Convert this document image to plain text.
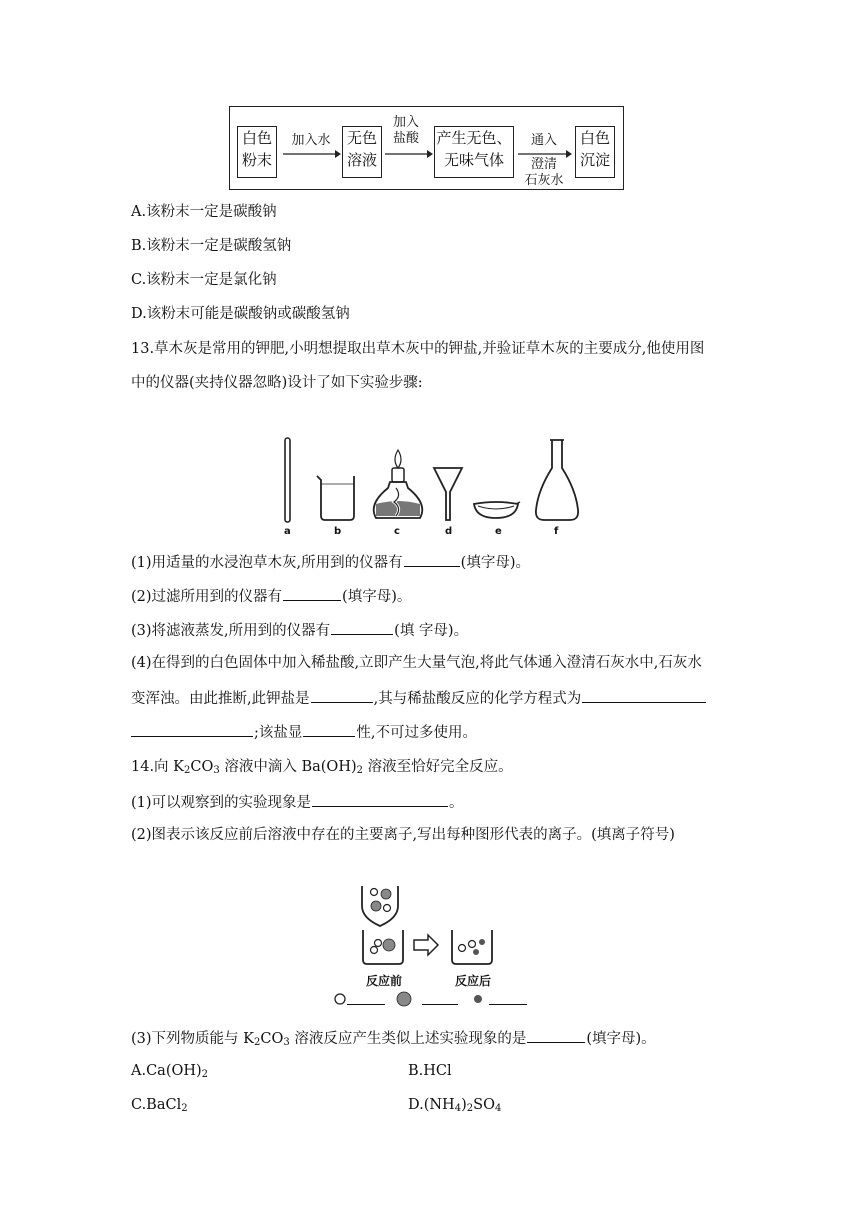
白色
粉末
加入水	无色
溶液
加入
盐酸	产生无色、
无味气体
通入
澄清
石灰水
白色
沉淀
A.该粉末一定是碳酸钠
B.该粉末一定是碳酸氢钠
C.该粉末一定是氯化钠
D.该粉末可能是碳酸钠或碳酸氢钠
13.草木灰是常用的钾肥,小明想提取出草木灰中的钾盐,并验证草木灰的主要成分,他使用图
中的仪器(夹持仪器忽略)设计了如下实验步骤:
a	b	c	d	e	f
(1)用适量的水浸泡草木灰,所用到的仪器有	(填字母)。
(2)过滤所用到的仪器有	(填字母)。
(3)将滤液蒸发,所用到的仪器有	(填 字母)。
(4)在得到的白色固体中加入稀盐酸,立即产生大量气泡,将此气体通入澄清石灰水中,石灰水
变浑浊。由此推断,此钾盐是	,其与稀盐酸反应的化学方程式为
;该盐显	性,不可过多使用。
14.向 $K_2CO_3$ 溶液中滴入 $Ba(OH)_2$ 溶液至恰好完全反应。
(1)可以观察到的实验现象是	。
(2)图表示该反应前后溶液中存在的主要离子,写出每种图形代表的离子。(填离子符号)
反应前	反应后
(3)下列物质能与 $K_2CO_3$ 溶液反应产生类似上述实验现象的是	(填字母)。
$A.Ca(OH)_2$	B.HCl
C.BaCl$_2$	$D.(NH_4)_2SO_4$
